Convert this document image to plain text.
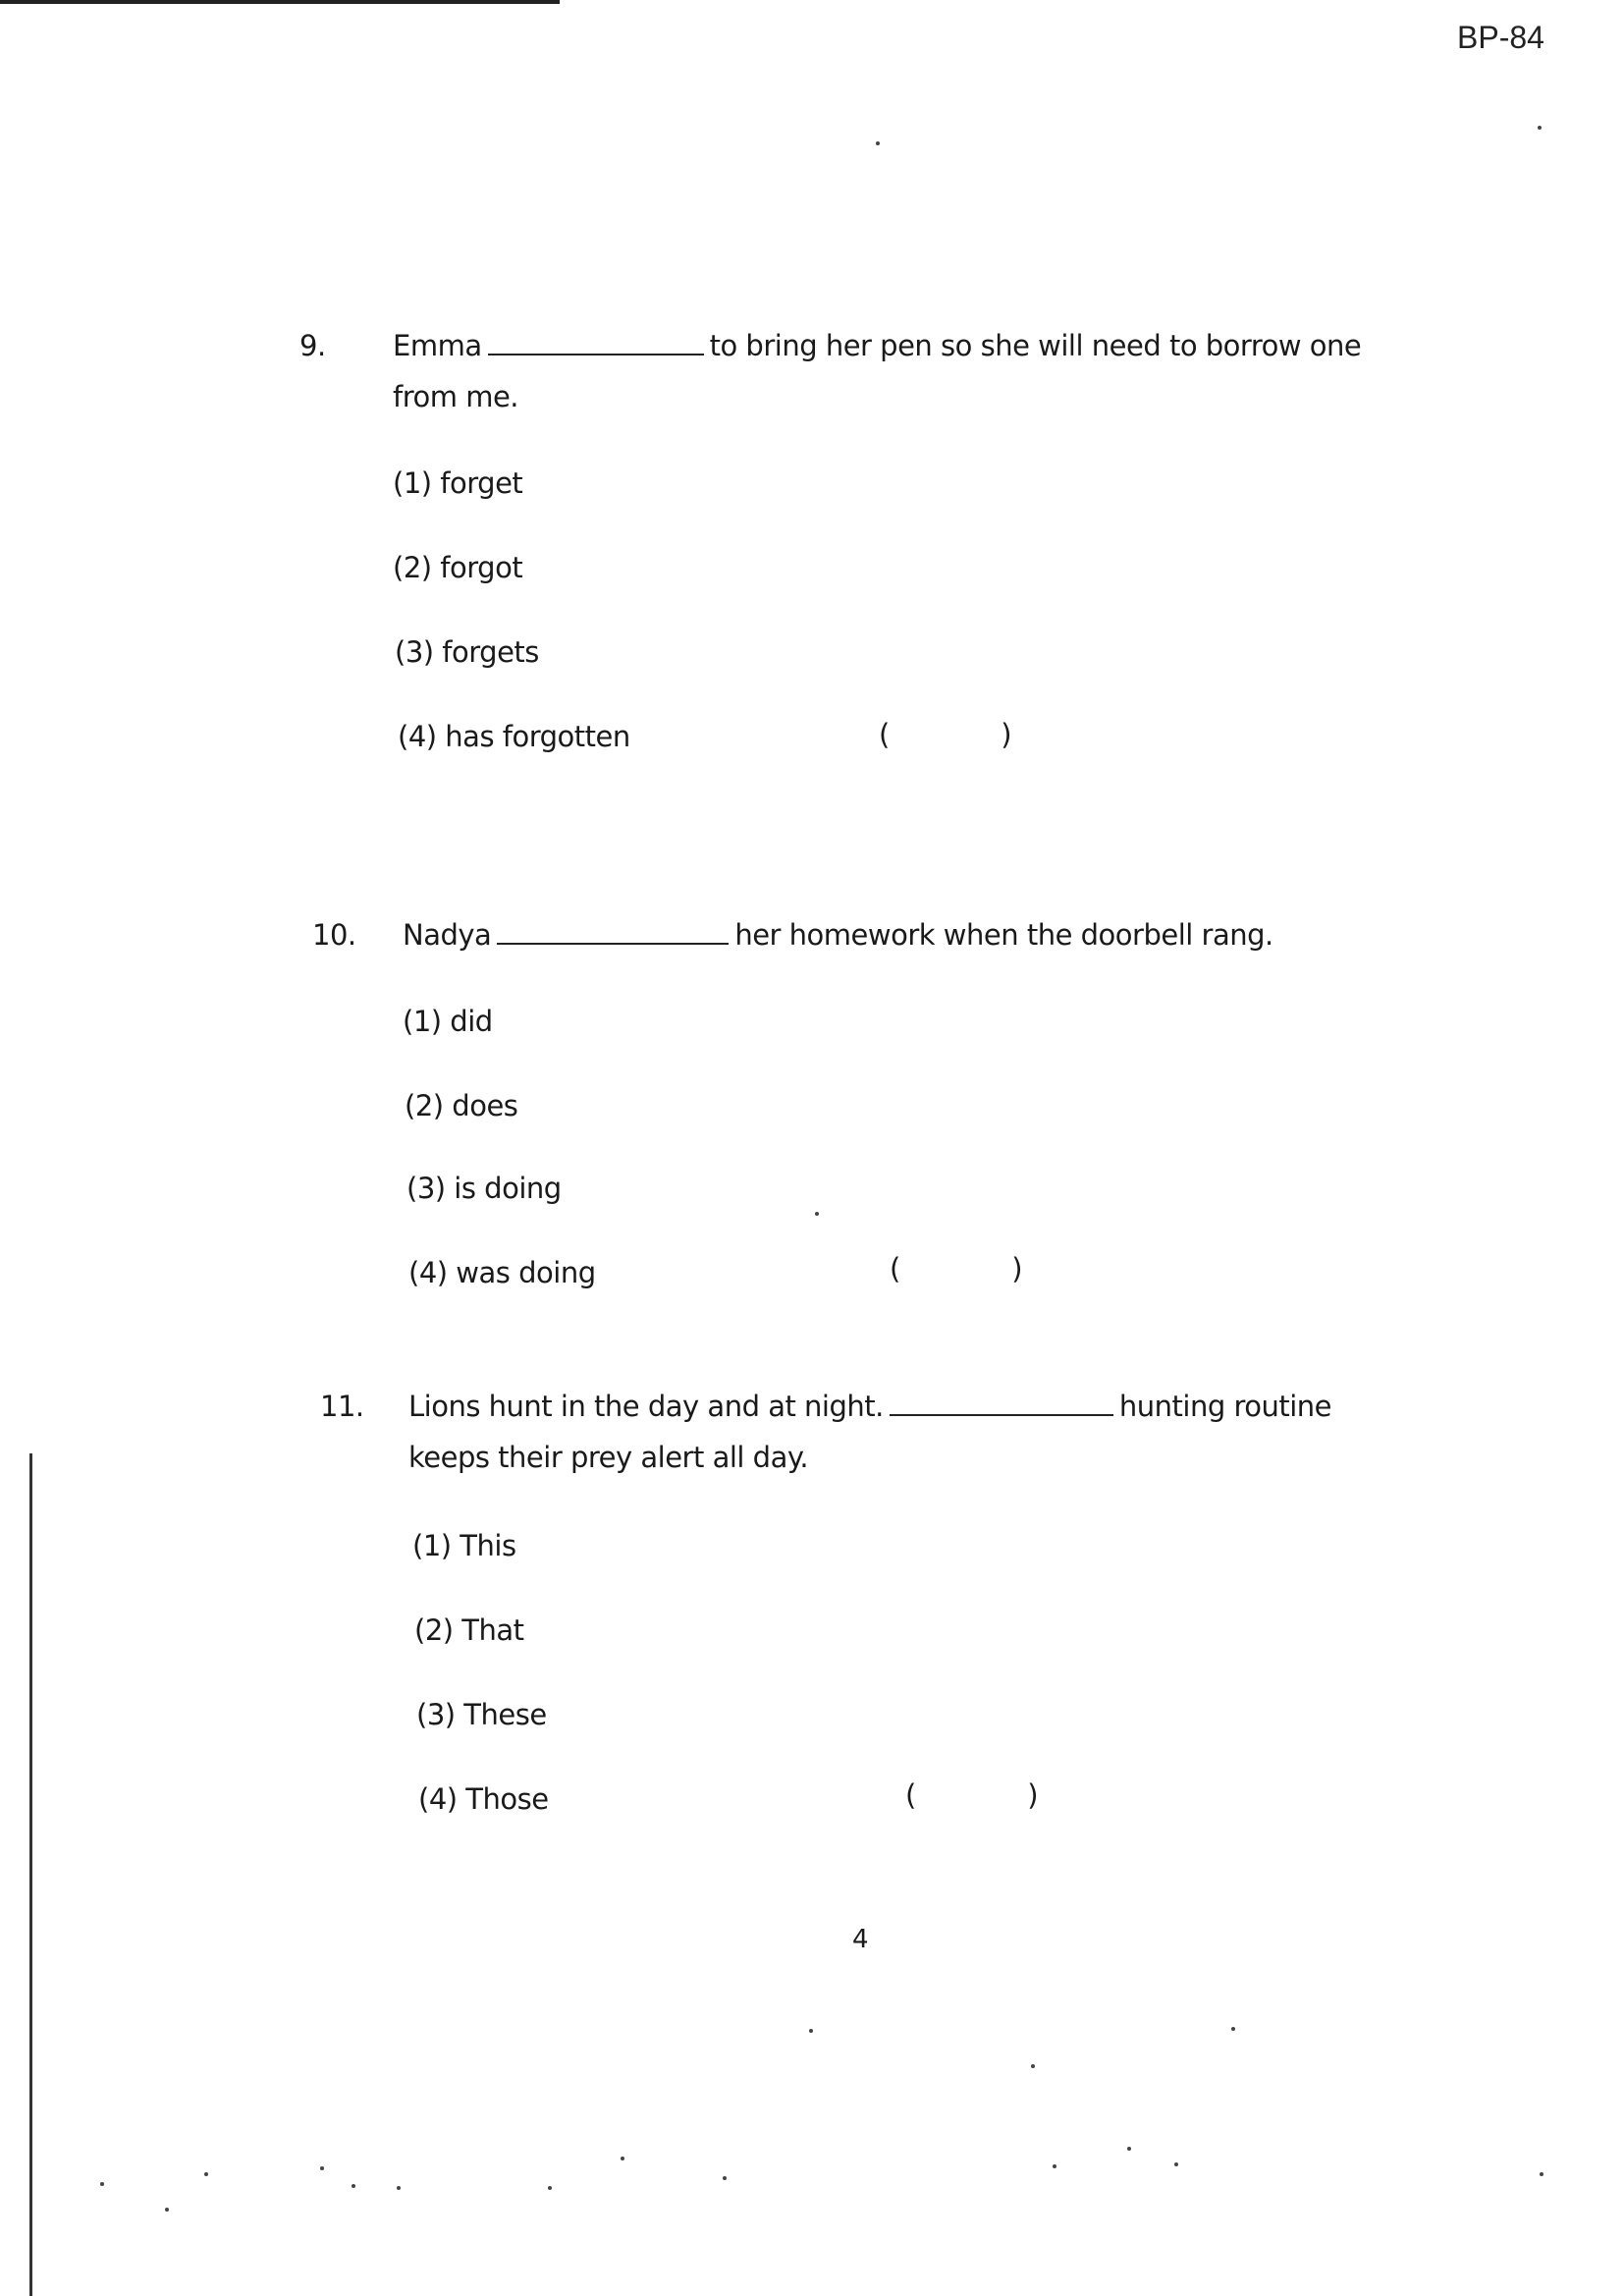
BP-84
9. Emma	to bring her pen so she will need to borrow one
from me.
(1) forget
(2) forgot
(3) forgets
(4) has forgotten	(	)
10. Nadya	her homework when the doorbell rang.
(1) did
(2) does
(3) is doing
(4) was doing	(	)
11. Lions hunt in the day and at night.	hunting routine
keeps their prey alert all day.
(1) This
(2) That
(3) These
(4) Those	(	)
4
